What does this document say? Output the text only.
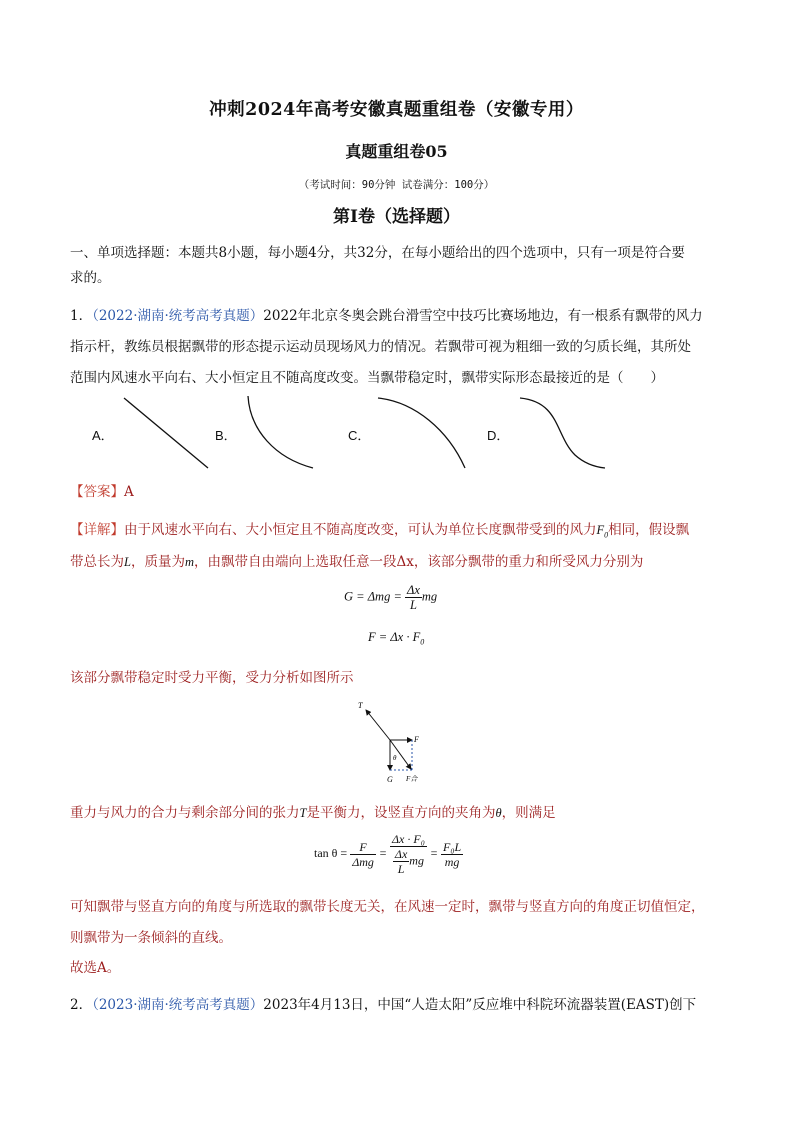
冲刺2024年高考安徽真题重组卷（安徽专用）
真题重组卷05
（考试时间：90分钟 试卷满分：100分）
第I卷（选择题）
一、单项选择题：本题共8小题，每小题4分，共32分，在每小题给出的四个选项中，只有一项是符合要
求的。
1．（2022·湖南·统考高考真题）2022年北京冬奥会跳台滑雪空中技巧比赛场地边，有一根系有飘带的风力
指示杆，教练员根据飘带的形态提示运动员现场风力的情况。若飘带可视为粗细一致的匀质长绳，其所处
范围内风速水平向右、大小恒定且不随高度改变。当飘带稳定时，飘带实际形态最接近的是（　　）
A．	B．	C．	D．
【答案】A
【详解】由于风速水平向右、大小恒定且不随高度改变，可认为单位长度飘带受到的风力$F_0$相同，假设飘
带总长为L，质量为m，由飘带自由端向上选取任意一段Δx，该部分飘带的重力和所受风力分别为
$G = \Delta mg = \frac{\Delta x}{L}$ mg
$F = \Delta x \cdot F_0$
该部分飘带稳定时受力平衡，受力分析如图所示
T
F
G F合
θ
重力与风力的合力与剩余部分间的张力T是平衡力，设竖直方向的夹角为θ，则满足
$\tan \theta = \frac{F}{\text{Δmg}} = \frac{\text{Δx · F₀}}{\frac{\Delta x}{L} mg} = \frac{\text{F₀L}}{mg}$
可知飘带与竖直方向的角度与所选取的飘带长度无关，在风速一定时，飘带与竖直方向的角度正切值恒定，
则飘带为一条倾斜的直线。
故选A。
2．（2023·湖南·统考高考真题）2023年4月13日，中国“人造太阳”反应堆中科院环流器装置(EAST)创下
